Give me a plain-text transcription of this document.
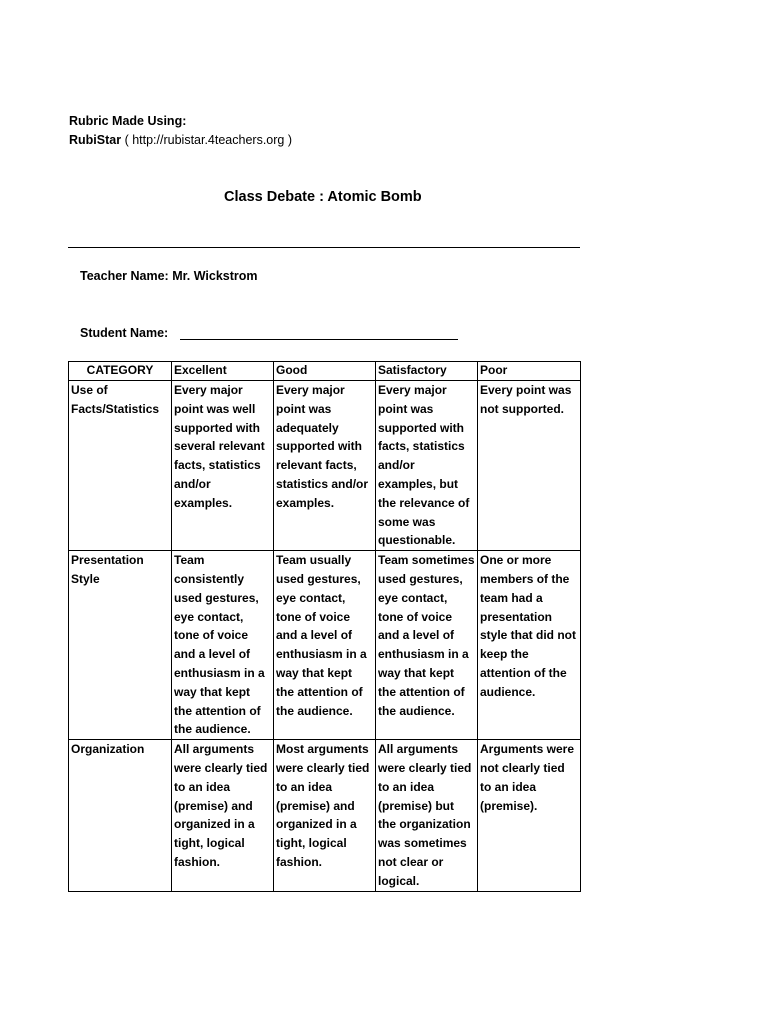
Rubric Made Using:
RubiStar ( http://rubistar.4teachers.org )
Class Debate : Atomic Bomb
Teacher Name: Mr. Wickstrom
Student Name:
CATEGORY	Excellent	Good	Satisfactory	Poor
Use of Facts/Statistics	Every major point was well supported with several relevant facts, statistics and/or examples.	Every major point was adequately supported with relevant facts, statistics and/or examples.	Every major point was supported with facts, statistics and/or examples, but the relevance of some was questionable.	Every point was not supported.
Presentation Style	Team consistently used gestures, eye contact, tone of voice and a level of enthusiasm in a way that kept the attention of the audience.	Team usually used gestures, eye contact, tone of voice and a level of enthusiasm in a way that kept the attention of the audience.	Team sometimes used gestures, eye contact, tone of voice and a level of enthusiasm in a way that kept the attention of the audience.	One or more members of the team had a presentation style that did not keep the attention of the audience.
Organization	All arguments were clearly tied to an idea (premise) and organized in a tight, logical fashion.	Most arguments were clearly tied to an idea (premise) and organized in a tight, logical fashion.	All arguments were clearly tied to an idea (premise) but the organization was sometimes not clear or logical.	Arguments were not clearly tied to an idea (premise).
